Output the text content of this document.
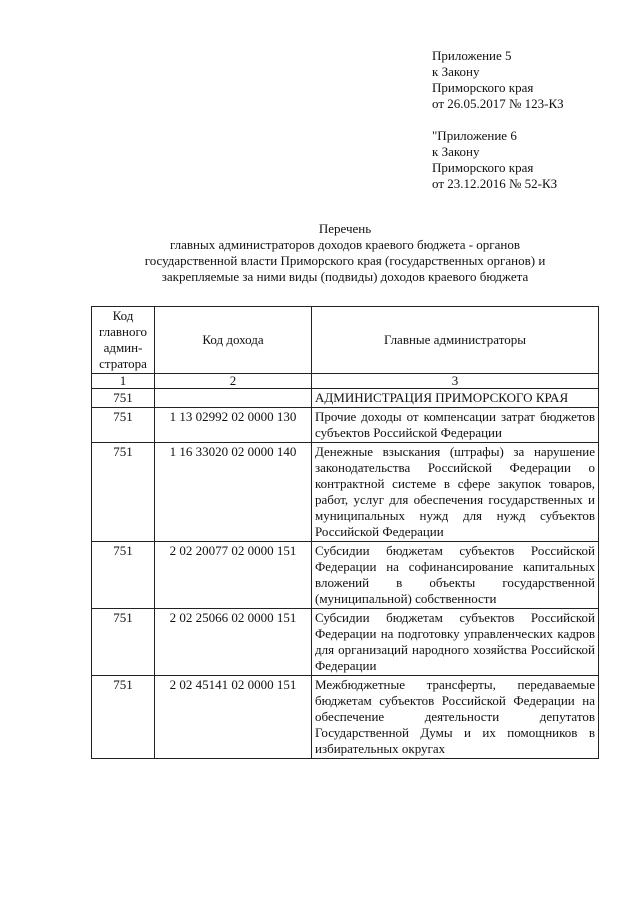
Приложение 5
к Закону
Приморского края
от 26.05.2017 № 123-КЗ
"Приложение 6
к Закону
Приморского края
от 23.12.2016 № 52-КЗ
Перечень
главных администраторов доходов краевого бюджета - органов
государственной власти Приморского края (государственных органов) и
закрепляемые за ними виды (подвиды) доходов краевого бюджета
Код главного админ-стратора	Код дохода	Главные администраторы
1	2	3
751		АДМИНИСТРАЦИЯ ПРИМОРСКОГО КРАЯ
751	1 13 02992 02 0000 130	Прочие доходы от компенсации затрат бюджетов субъектов Российской Федерации
751	1 16 33020 02 0000 140	Денежные взыскания (штрафы) за нарушение законодательства Российской Федерации о контрактной системе в сфере закупок товаров, работ, услуг для обеспечения государственных и муниципальных нужд для нужд субъектов Российской Федерации
751	2 02 20077 02 0000 151	Субсидии бюджетам субъектов Российской Федерации на софинансирование капитальных вложений в объекты государственной (муниципальной) собственности
751	2 02 25066 02 0000 151	Субсидии бюджетам субъектов Российской Федерации на подготовку управленческих кадров для организаций народного хозяйства Российской Федерации
751	2 02 45141 02 0000 151	Межбюджетные трансферты, передаваемые бюджетам субъектов Российской Федерации на обеспечение деятельности депутатов Государственной Думы и их помощников в избирательных округах
